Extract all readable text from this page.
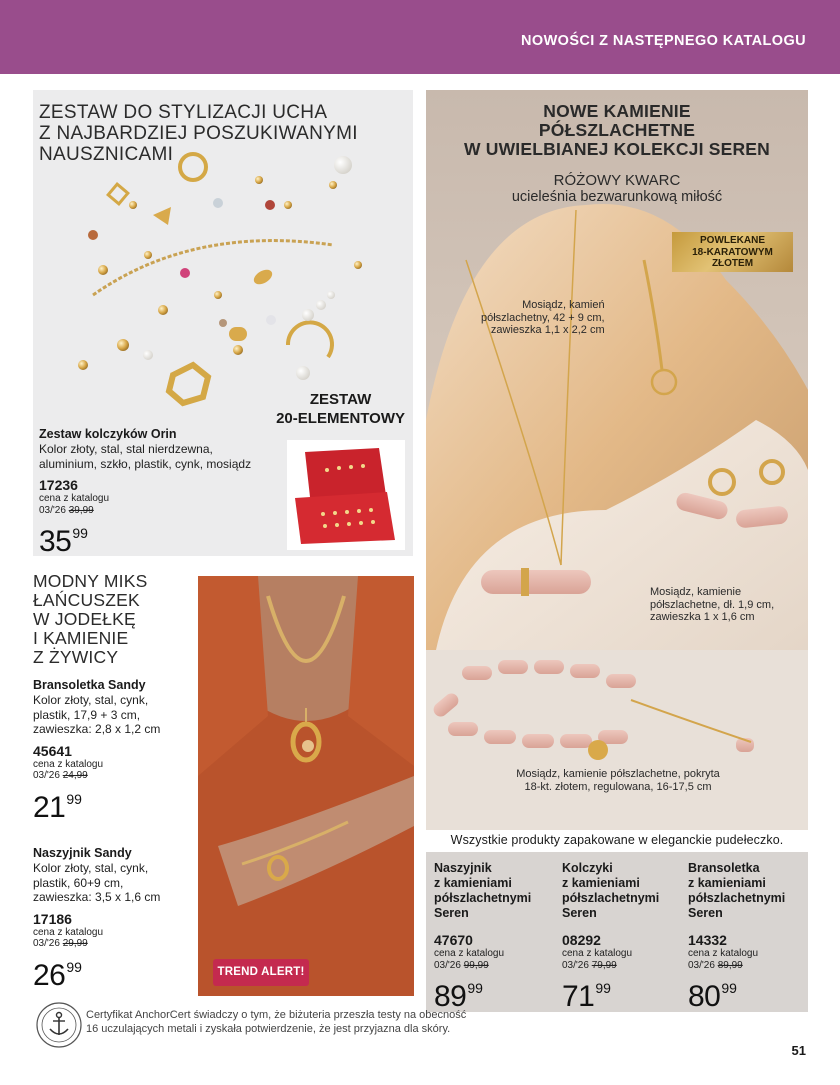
NOWOŚCI Z NASTĘPNEGO KATALOGU
ZESTAW DO STYLIZACJI UCHA
Z NAJBARDZIEJ POSZUKIWANYMI
NAUSZNICAMI
ZESTAW
20-ELEMENTOWY
Zestaw kolczyków Orin
Kolor złoty, stal, stal nierdzewna,
aluminium, szkło, plastik, cynk, mosiądz
17236
cena z katalogu
03/'26 39,99
$35^{99}$
MODNY MIKS
ŁAŃCUSZEK
W JODEŁKĘ
I KAMIENIE
Z ŻYWICY
Bransoletka Sandy
Kolor złoty, stal, cynk,
plastik, 17,9 + 3 cm,
zawieszka: 2,8 x 1,2 cm
45641
cena z katalogu
03/'26 24,99
$21^{99}$
Naszyjnik Sandy
Kolor złoty, stal, cynk,
plastik, 60+9 cm,
zawieszka: 3,5 x 1,6 cm
17186
cena z katalogu
03/'26 29,99
$26^{99}$	TREND ALERT!
NOWE KAMIENIE
PÓŁSZLACHETNE
W UWIELBIANEJ KOLEKCJI SEREN
RÓŻOWY KWARC
ucieleśnia bezwarunkową miłość
POWLEKANE
18-KARATOWYM
ZŁOTEM
Mosiądz, kamień
półszlachetny, 42 + 9 cm,
zawieszka 1,1 x 2,2 cm
Mosiądz, kamienie
półszlachetne, dł. 1,9 cm,
zawieszka 1 x 1,6 cm
Mosiądz, kamienie półszlachetne, pokryta
18-kt. złotem, regulowana, 16-17,5 cm
Wszystkie produkty zapakowane w eleganckie pudełeczko.
Naszyjnik
z kamieniami
półszlachetnymi
Seren
47670
cena z katalogu
03/'26 99,99
$89^{99}$
Kolczyki
z kamieniami
półszlachetnymi
Seren
08292
cena z katalogu
03/'26 79,99
$71^{99}$
Bransoletka
z kamieniami
półszlachetnymi
Seren
14332
cena z katalogu
03/'26 89,99
$80^{99}$
Certyfikat AnchorCert świadczy o tym, że biżuteria przeszła testy na obecność
16 uczulających metali i zyskała potwierdzenie, że jest przyjazna dla skóry.
51
